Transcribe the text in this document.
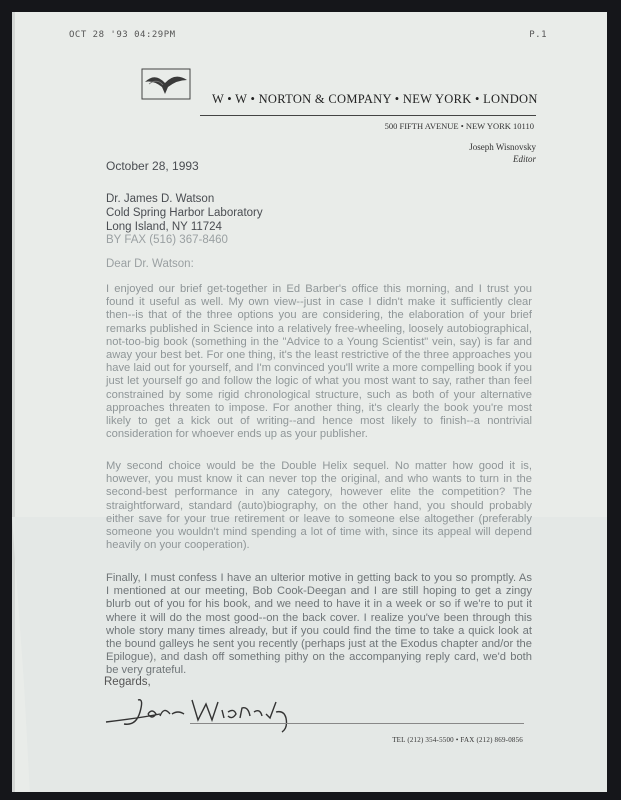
OCT 28 '93 04:29PM	P.1
W • W • NORTON & COMPANY • NEW YORK • LONDON
500 FIFTH AVENUE • NEW YORK 10110
Joseph Wisnovsky
Editor
October 28, 1993
Dr. James D. Watson
Cold Spring Harbor Laboratory
Long Island, NY 11724
BY FAX (516) 367-8460
Dear Dr. Watson:
I enjoyed our brief get-together in Ed Barber's office this morning, and I trust you found it useful as well. My own view--just in case I didn't make it sufficiently clear then--is that of the three options you are considering, the elaboration of your brief remarks published in Science into a relatively free-wheeling, loosely autobiographical, not-too-big book (something in the "Advice to a Young Scientist" vein, say) is far and away your best bet. For one thing, it's the least restrictive of the three approaches you have laid out for yourself, and I'm convinced you'll write a more compelling book if you just let yourself go and follow the logic of what you most want to say, rather than feel constrained by some rigid chronological structure, such as both of your alternative approaches threaten to impose. For another thing, it's clearly the book you're most likely to get a kick out of writing--and hence most likely to finish--a nontrivial consideration for whoever ends up as your publisher.
My second choice would be the Double Helix sequel. No matter how good it is, however, you must know it can never top the original, and who wants to turn in the second-best performance in any category, however elite the competition? The straightforward, standard (auto)biography, on the other hand, you should probably either save for your true retirement or leave to someone else altogether (preferably someone you wouldn't mind spending a lot of time with, since its appeal will depend heavily on your cooperation).
Finally, I must confess I have an ulterior motive in getting back to you so promptly. As I mentioned at our meeting, Bob Cook-Deegan and I are still hoping to get a zingy blurb out of you for his book, and we need to have it in a week or so if we're to put it where it will do the most good--on the back cover. I realize you've been through this whole story many times already, but if you could find the time to take a quick look at the bound galleys he sent you recently (perhaps just at the Exodus chapter and/or the Epilogue), and dash off something pithy on the accompanying reply card, we'd both be very grateful.
Regards,
TEL (212) 354-5500 • FAX (212) 869-0856
